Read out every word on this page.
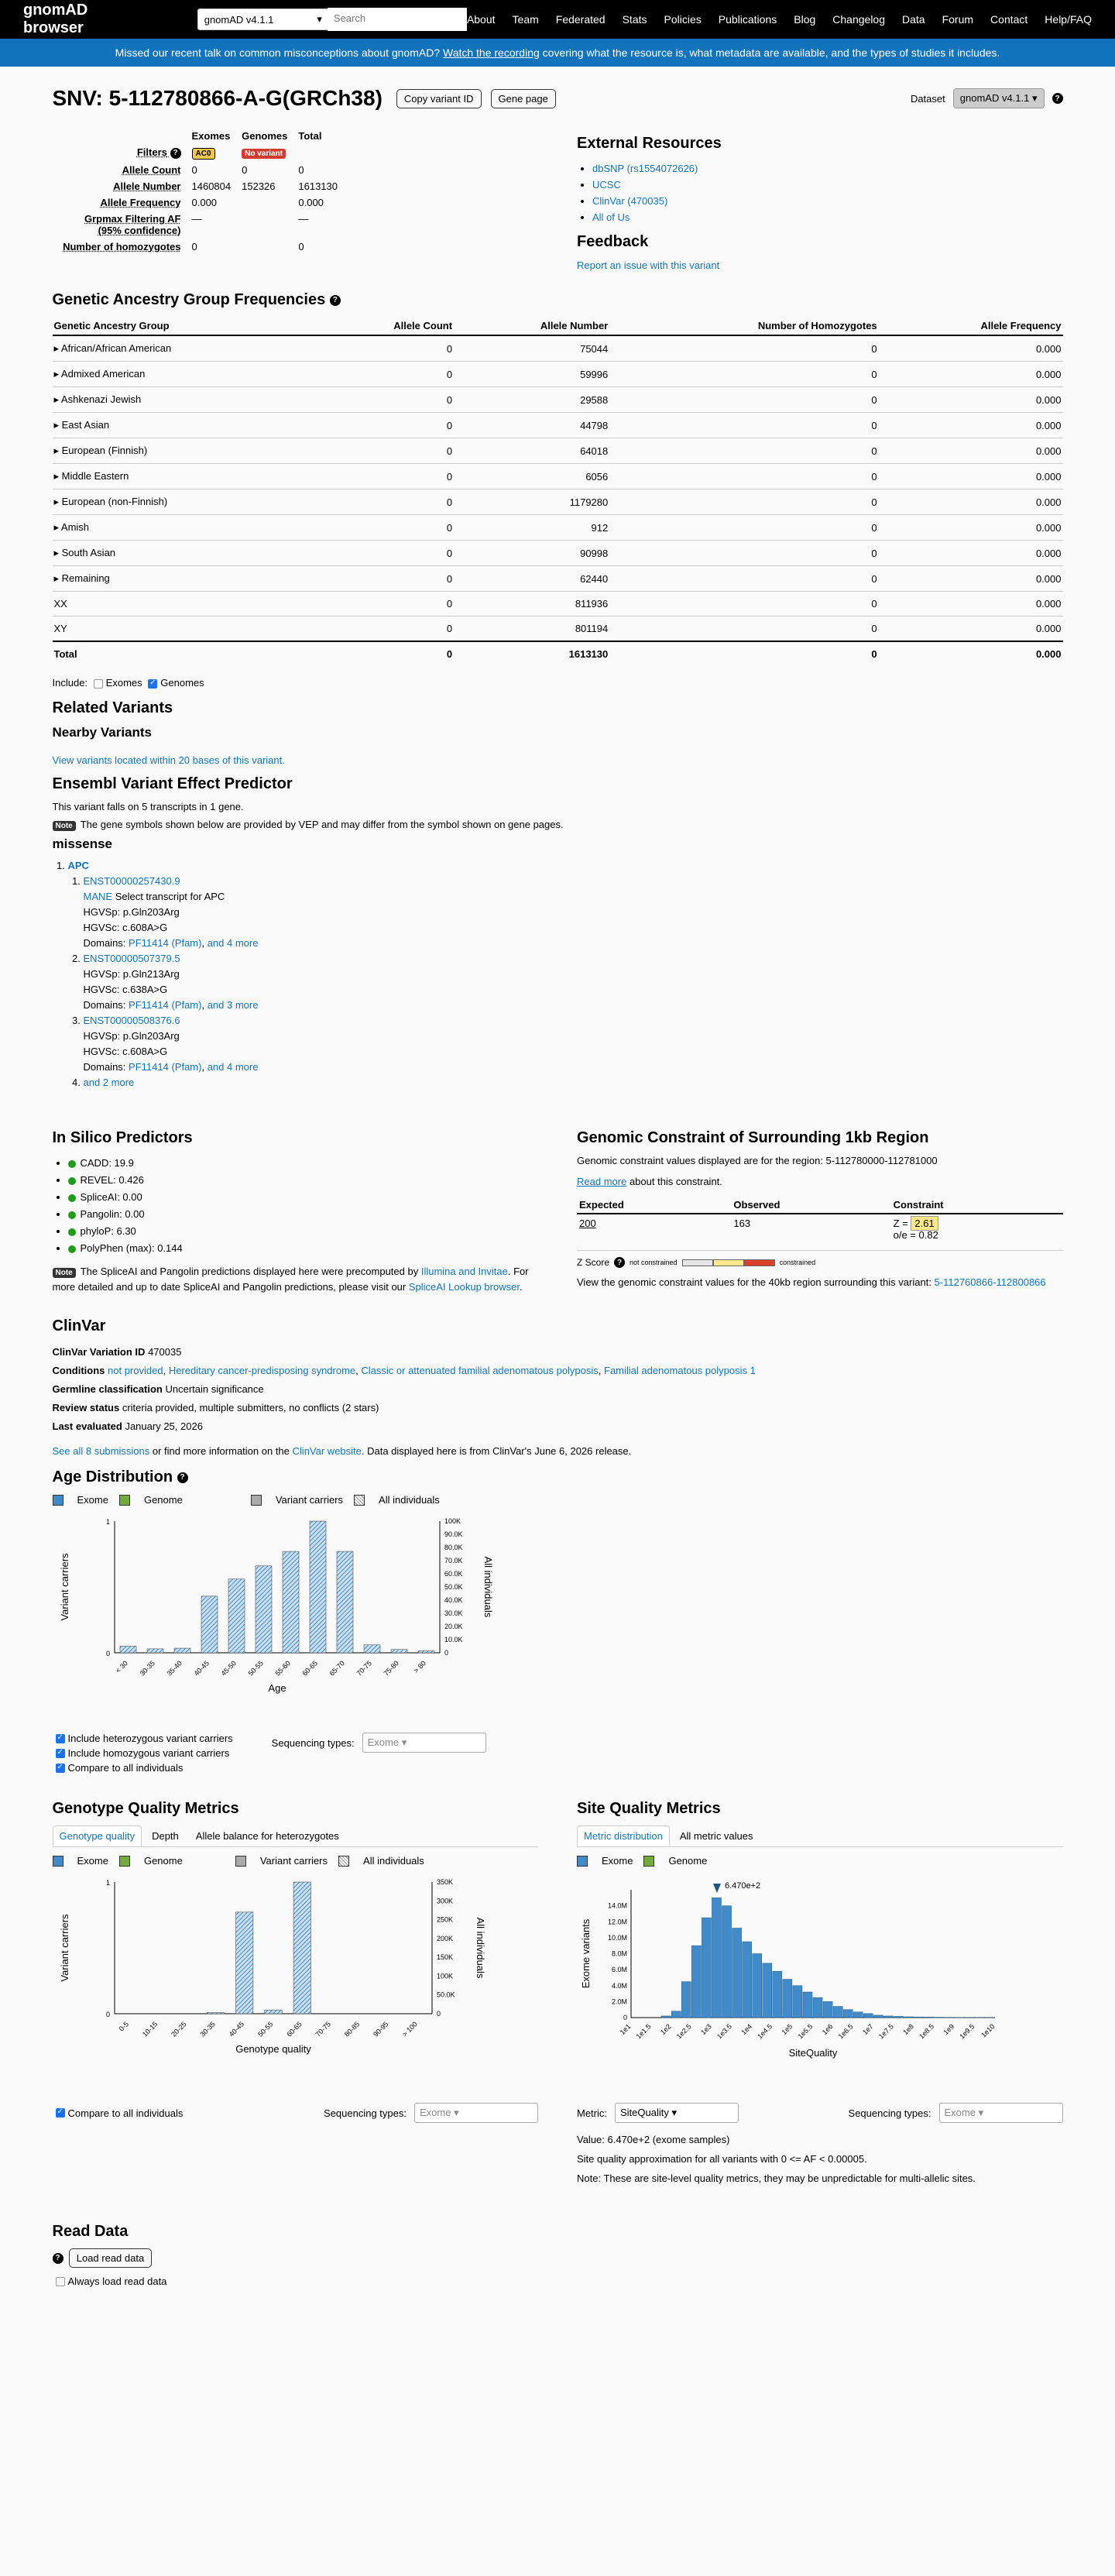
gnomAD browser	gnomAD v4.1.1	▾	Search	About Team Federated Stats Policies Publications Blog Changelog Data Forum Contact Help/FAQ
Missed our recent talk on common misconceptions about gnomAD? Watch the recording covering what the resource is, what metadata are available, and the types of studies it includes.
SNV: 5-112780866-A-G(GRCh38)	Copy variant ID	Gene page	Dataset	gnomAD v4.1.1 ▾	?
	Exomes	Genomes	Total
Filters ?	AC0	No variant	
Allele Count	0	0	0
Allele Number	1460804	152326	1613130
Allele Frequency	0.000		0.000
Grpmax Filtering AF (95% confidence)	—		—
Number of homozygotes	0		0
External Resources
• dbSNP (rs1554072626)
• UCSC
• ClinVar (470035)
• All of Us
Feedback
Report an issue with this variant
Genetic Ancestry Group Frequencies ?
Genetic Ancestry Group	Allele Count	Allele Number	Number of Homozygotes	Allele Frequency
▸ African/African American	0	75044	0	0.000
▸ Admixed American	0	59996	0	0.000
▸ Ashkenazi Jewish	0	29588	0	0.000
▸ East Asian	0	44798	0	0.000
▸ European (Finnish)	0	64018	0	0.000
▸ Middle Eastern	0	6056	0	0.000
▸ European (non-Finnish)	0	1179280	0	0.000
▸ Amish	0	912	0	0.000
▸ South Asian	0	90998	0	0.000
▸ Remaining	0	62440	0	0.000
XX	0	811936	0	0.000
XY	0	801194	0	0.000
Total	0	1613130	0	0.000
Include: Exomes ✓ Genomes
Related Variants
Nearby Variants
View variants located within 20 bases of this variant.
Ensembl Variant Effect Predictor

This variant falls on 5 transcripts in 1 gene.

Note The gene symbols shown below are provided by VEP and may differ from the symbol shown on gene pages.

missense
1. APC
1. ENST00000257430.9
MANE Select transcript for APC
HGVSp: p.Gln203Arg
HGVSc: c.608A>G
Domains: PF11414 (Pfam), and 4 more
2. ENST00000507379.5
HGVSp: p.Gln213Arg
HGVSc: c.638A>G
Domains: PF11414 (Pfam), and 3 more
3. ENST00000508376.6
HGVSp: p.Gln203Arg
HGVSc: c.608A>G
Domains: PF11414 (Pfam), and 4 more
4. and 2 more
In Silico Predictors
• CADD: 19.9
• REVEL: 0.426
• SpliceAI: 0.00
• Pangolin: 0.00
• phyloP: 6.30
• PolyPhen (max): 0.144

Note The SpliceAI and Pangolin predictions displayed here were precomputed by Illumina and Invitae. For more detailed and up to date SpliceAI and Pangolin predictions, please visit our SpliceAI Lookup browser.

Genomic Constraint of Surrounding 1kb Region

Genomic constraint values displayed are for the region: 5-112780000-112781000

Read more about this constraint.

Expected	Observed	Constraint
200	163	Z = 2.61
o/e = 0.82
Z Score ?	not constrained	constrained

View the genomic constraint values for the 40kb region surrounding this variant: 5-112760866-112800866

ClinVar
ClinVar Variation ID 470035
Conditions not provided, Hereditary cancer-predisposing syndrome, Classic or attenuated familial adenomatous polyposis, Familial adenomatous polyposis 1
Germline classification Uncertain significance
Review status criteria provided, multiple submitters, no conflicts (2 stars)
Last evaluated January 25, 2026
See all 8 submissions or find more information on the ClinVar website. Data displayed here is from ClinVar's June 6, 2026 release.
Age Distribution ?
Exome	Genome	Variant carriers	All individuals
0
1
0
10.0K
20.0K
30.0K
40.0K
50.0K
60.0K
70.0K
80.0K
90.0K
100K
< 30 30-35 35-40 40-45 45-50 50-55 55-60 60-65 65-70 70-75 75-80 > 80
Age
Variant carriers	All individuals
✓
Include heterozygous variant carriers
✓
Include homozygous variant carriers
✓
Compare to all individuals
Sequencing types:	Exome ▾
Genotype Quality Metrics
Genotype quality	Depth	Allele balance for heterozygotes
Exome	Genome	Variant carriers	All individuals
0
1
0
50.0K
100K
150K
200K
250K
300K
350K
0-5 10-15 20-25 30-35 40-45 50-55 60-65 70-75 80-85 90-95 > 100
Genotype quality
Variant carriers	All individuals
✓
Compare to all individuals	Sequencing types:	Exome ▾
Site Quality Metrics
Metric distribution	All metric values
Exome	Genome
0
2.0M
4.0M
6.0M
8.0M
10.0M
12.0M
14.0M
1e1 1e1.5 1e2 1e2.5 1e3 1e3.5 1e4 1e4.5 1e5 1e5.5 1e6 1e6.5 1e7 1e7.5 1e8 1e8.5 1e9 1e9.5 1e10
6.470e+2
SiteQuality
Exome variants
Metric:	SiteQuality ▾	Sequencing types:	Exome ▾

Value: 6.470e+2 (exome samples)

Site quality approximation for all variants with 0 <= AF < 0.00005.

Note: These are site-level quality metrics, they may be unpredictable for multi-allelic sites.

Read Data
?
	Load read data
Always load read data
